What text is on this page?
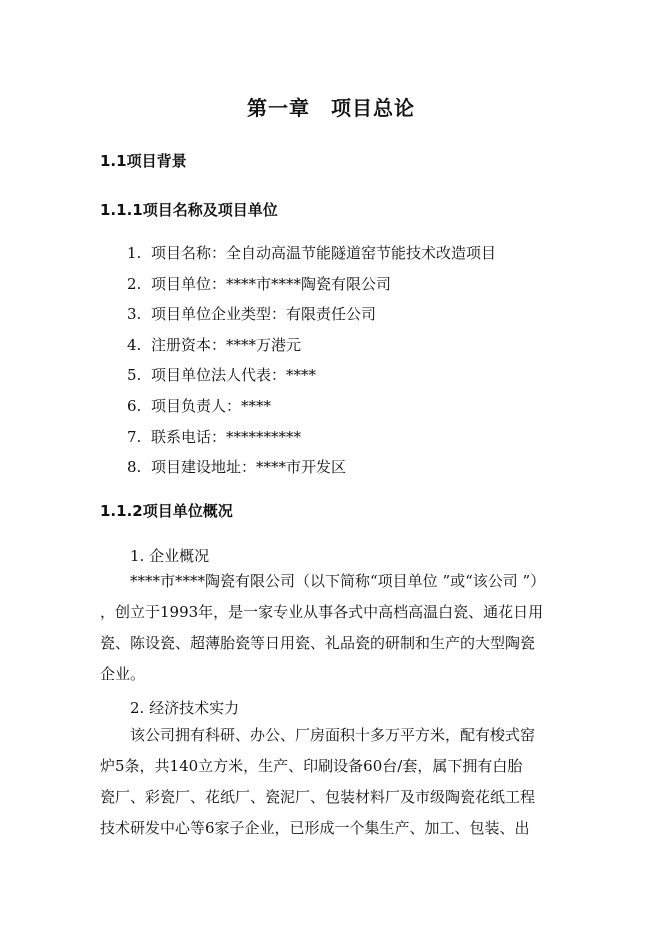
第一章　项目总论
1.1项目背景
1.1.1项目名称及项目单位
1. 项目名称：全自动高温节能隧道窑节能技术改造项目
2. 项目单位：****市****陶瓷有限公司
3. 项目单位企业类型：有限责任公司
4. 注册资本：****万港元
5. 项目单位法人代表：****
6. 项目负责人：****
7. 联系电话：**********
8. 项目建设地址：****市开发区
1.1.2项目单位概况
1. 企业概况
　　****市****陶瓷有限公司（以下简称“项目单位 ”或“该公司 ”）
，创立于1993年，是一家专业从事各式中高档高温白瓷、通花日用
瓷、陈设瓷、超薄胎瓷等日用瓷、礼品瓷的研制和生产的大型陶瓷
企业。
2. 经济技术实力
　　该公司拥有科研、办公、厂房面积十多万平方米，配有梭式窑
炉5条，共140立方米，生产、印刷设备60台/套，属下拥有白胎
瓷厂、彩瓷厂、花纸厂、瓷泥厂、包装材料厂及市级陶瓷花纸工程
技术研发中心等6家子企业，已形成一个集生产、加工、包装、出
